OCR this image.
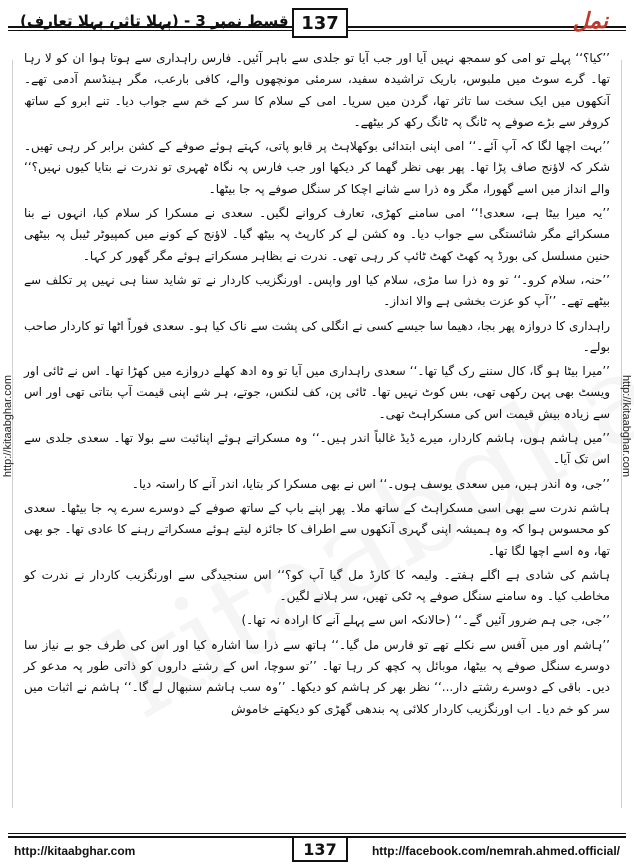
قسط نمبر 3 - (پہلا تاثر، پہلا تعارف) 137	نمل
http://kitaabghar.com	http://kitaabghar.com

’’کیا؟‘‘ پہلے تو امی کو سمجھ نہیں آیا اور جب آیا تو جلدی سے باہر آئیں۔ فارس راہداری سے ہوتا ہوا ان کو لا رہا تھا۔ گرے سوٹ میں ملبوس، باریک تراشیدہ سفید، سرمئی مونچھوں والے، کافی بارعب، مگر ہینڈسم آدمی تھے۔ آنکھوں میں ایک سخت سا تاثر تھا، گردن میں سریا۔ امی کے سلام کا سر کے خم سے جواب دیا۔ تنے ابرو کے ساتھ کروفر سے بڑے صوفے پہ ٹانگ پہ ٹانگ رکھ کر بیٹھے۔

’’بہت اچھا لگا کہ آپ آئے۔‘‘ امی اپنی ابتدائی بوکھلاہٹ پر قابو پاتی، کہتے ہوئے صوفے کے کشن برابر کر رہی تھیں۔ شکر کہ لاؤنج صاف پڑا تھا۔ پھر بھی نظر گھما کر دیکھا اور جب فارس پہ نگاہ ٹھہری تو ندرت نے بتایا کیوں نہیں؟‘‘ والے انداز میں اسے گھورا، مگر وہ ذرا سے شانے اچکا کر سنگل صوفے پہ جا بیٹھا۔

’’یہ میرا بیٹا ہے، سعدی!‘‘ امی سامنے کھڑی، تعارف کروانے لگیں۔ سعدی نے مسکرا کر سلام کیا، انہوں نے بنا مسکرائے مگر شائستگی سے جواب دیا۔ وہ کشن لے کر کارپٹ پہ بیٹھ گیا۔ لاؤنج کے کونے میں کمپیوٹر ٹیبل پہ بیٹھی حنین مسلسل کی بورڈ پہ کھٹ کھٹ ٹائپ کر رہی تھی۔ ندرت نے بظاہر مسکراتے ہوئے مگر گھور کر کہا۔

’’حنہ، سلام کرو۔‘‘ تو وہ ذرا سا مڑی، سلام کیا اور واپس۔ اورنگزیب کاردار نے تو شاید سنا ہی نہیں پر تکلف سے بیٹھے تھے۔ ’’آپ کو عزت بخشی ہے والا انداز۔

راہداری کا دروازہ پھر بجا، دھیما سا جیسے کسی نے انگلی کی پشت سے ناک کیا ہو۔ سعدی فوراً اٹھا تو کاردار صاحب بولے۔

’’میرا بیٹا ہو گا، کال سننے رک گیا تھا۔‘‘ سعدی راہداری میں آیا تو وہ ادھ کھلے دروازے میں کھڑا تھا۔ اس نے ٹائی اور ویسٹ بھی پہن رکھی تھی، بس کوٹ نہیں تھا۔ ٹائی پن، کف لنکس، جوتے، ہر شے اپنی قیمت آپ بتاتی تھی اور اس سے زیادہ بیش قیمت اس کی مسکراہٹ تھی۔

’’میں ہاشم ہوں، ہاشم کاردار، میرے ڈیڈ غالباً اندر ہیں۔‘‘ وہ مسکراتے ہوئے اپنائیت سے بولا تھا۔ سعدی جلدی سے اس تک آیا۔

’’جی، وہ اندر ہیں، میں سعدی یوسف ہوں۔‘‘ اس نے بھی مسکرا کر بتایا، اندر آنے کا راستہ دیا۔

ہاشم ندرت سے بھی اسی مسکراہٹ کے ساتھ ملا۔ پھر اپنے باپ کے ساتھ صوفے کے دوسرے سرے پہ جا بیٹھا۔ سعدی کو محسوس ہوا کہ وہ ہمیشہ اپنی گہری آنکھوں سے اطراف کا جائزہ لیتے ہوئے مسکراتے رہنے کا عادی تھا۔ جو بھی تھا، وہ اسے اچھا لگا تھا۔

ہاشم کی شادی ہے اگلے ہفتے۔ ولیمہ کا کارڈ مل گیا آپ کو؟‘‘ اس سنجیدگی سے اورنگزیب کاردار نے ندرت کو مخاطب کیا۔ وہ سامنے سنگل صوفے پہ ٹکی تھیں، سر ہلانے لگیں۔

’’جی، جی ہم ضرور آئیں گے۔‘‘ (حالانکہ اس سے پہلے آنے کا ارادہ نہ تھا۔)

’’ہاشم اور میں آفس سے نکلے تھے تو فارس مل گیا۔‘‘ ہاتھ سے ذرا سا اشارہ کیا اور اس کی طرف جو بے نیاز سا دوسرے سنگل صوفے پہ بیٹھا، موبائل پہ کچھ کر رہا تھا۔ ’’تو سوچا، اس کے رشتے داروں کو ذاتی طور پہ مدعو کر دیں۔ باقی کے دوسرے رشتے دار...‘‘ نظر بھر کر ہاشم کو دیکھا۔ ’’وہ سب ہاشم سنبھال لے گا۔‘‘ ہاشم نے اثبات میں سر کو خم دیا۔ اب اورنگزیب کاردار کلائی پہ بندھی گھڑی کو دیکھتے خاموش

http://kitaabghar.com	137	http://facebook.com/nemrah.ahmed.official/
